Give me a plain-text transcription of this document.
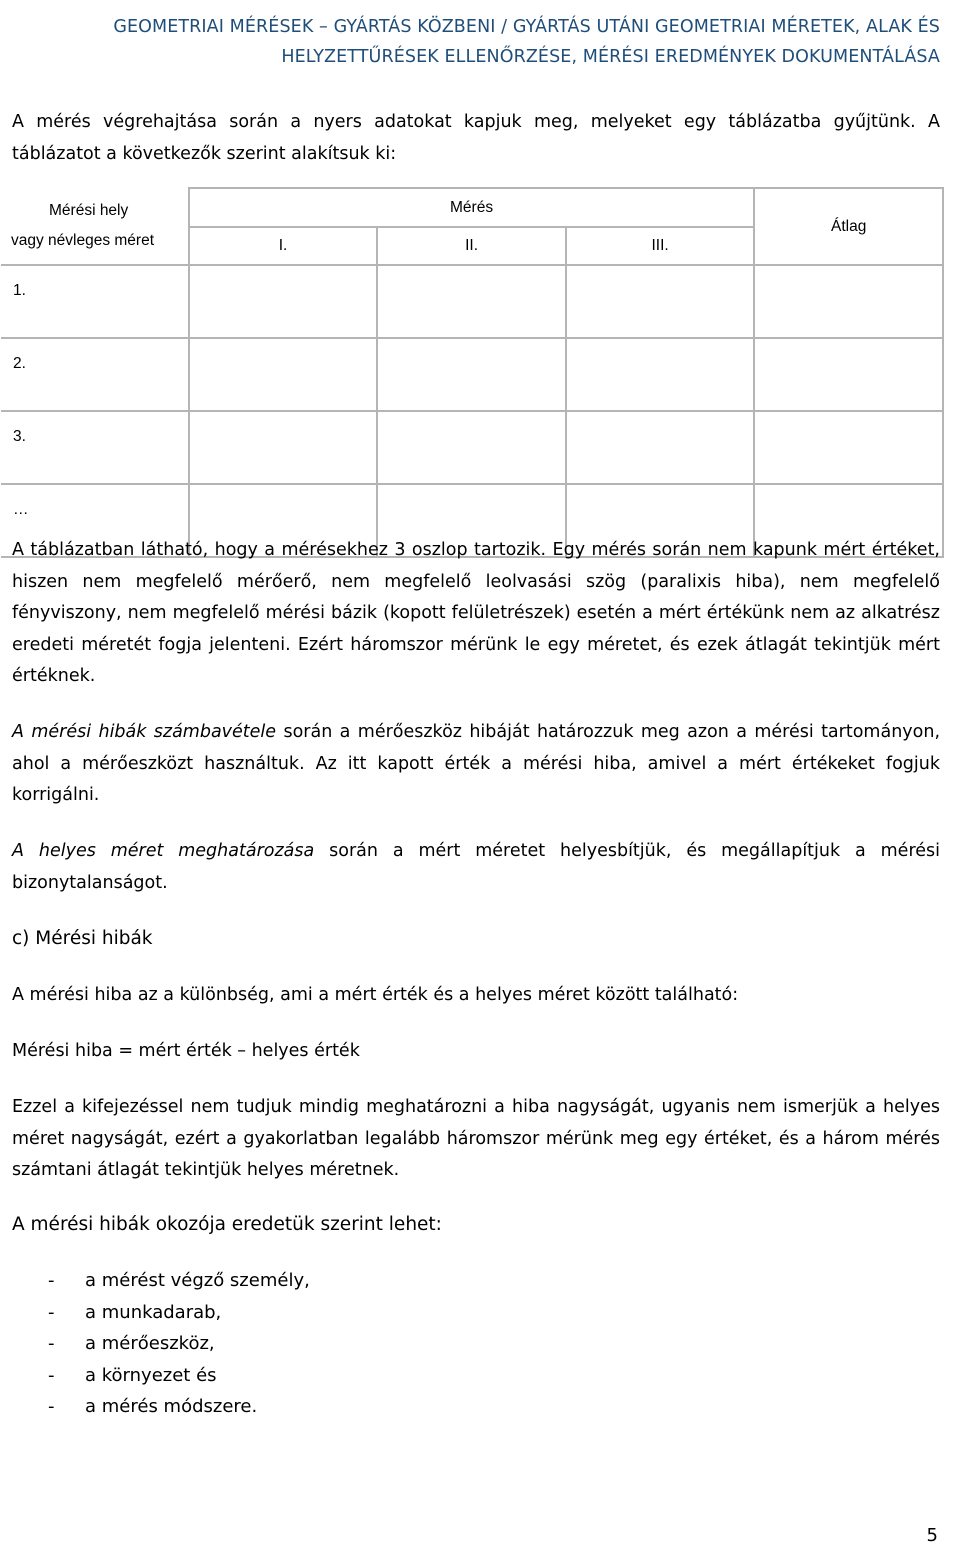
GEOMETRIAI MÉRÉSEK – GYÁRTÁS KÖZBENI / GYÁRTÁS UTÁNI GEOMETRIAI MÉRETEK, ALAK ÉS
HELYZETTŰRÉSEK ELLENŐRZÉSE, MÉRÉSI EREDMÉNYEK DOKUMENTÁLÁSA
A mérés végrehajtása során a nyers adatokat kapjuk meg, melyeket egy táblázatba gyűjtünk. A táblázatot a következők szerint alakítsuk ki:
Mérési hely
vagy névleges méret	Mérés			Átlag
	I.	II.	III.	
1.				
2.				
3.				
…				
A táblázatban látható, hogy a mérésekhez 3 oszlop tartozik. Egy mérés során nem kapunk mért értéket, hiszen nem megfelelő mérőerő, nem megfelelő leolvasási szög (paralixis hiba), nem megfelelő fényviszony, nem megfelelő mérési bázik (kopott felületrészek) esetén a mért értékünk nem az alkatrész eredeti méretét fogja jelenteni. Ezért háromszor mérünk le egy méretet, és ezek átlagát tekintjük mért értéknek.
A mérési hibák számbavétele során a mérőeszköz hibáját határozzuk meg azon a mérési tartományon, ahol a mérőeszközt használtuk. Az itt kapott érték a mérési hiba, amivel a mért értékeket fogjuk korrigálni.
A helyes méret meghatározása során a mért méretet helyesbítjük, és megállapítjuk a mérési bizonytalanságot.
c) Mérési hibák
A mérési hiba az a különbség, ami a mért érték és a helyes méret között található:
Mérési hiba = mért érték – helyes érték
Ezzel a kifejezéssel nem tudjuk mindig meghatározni a hiba nagyságát, ugyanis nem ismerjük a helyes méret nagyságát, ezért a gyakorlatban legalább háromszor mérünk meg egy értéket, és a három mérés számtani átlagát tekintjük helyes méretnek.
A mérési hibák okozója eredetük szerint lehet:
-	a mérést végző személy,
-	a munkadarab,
-	a mérőeszköz,
-	a környezet és
-	a mérés módszere.
5
